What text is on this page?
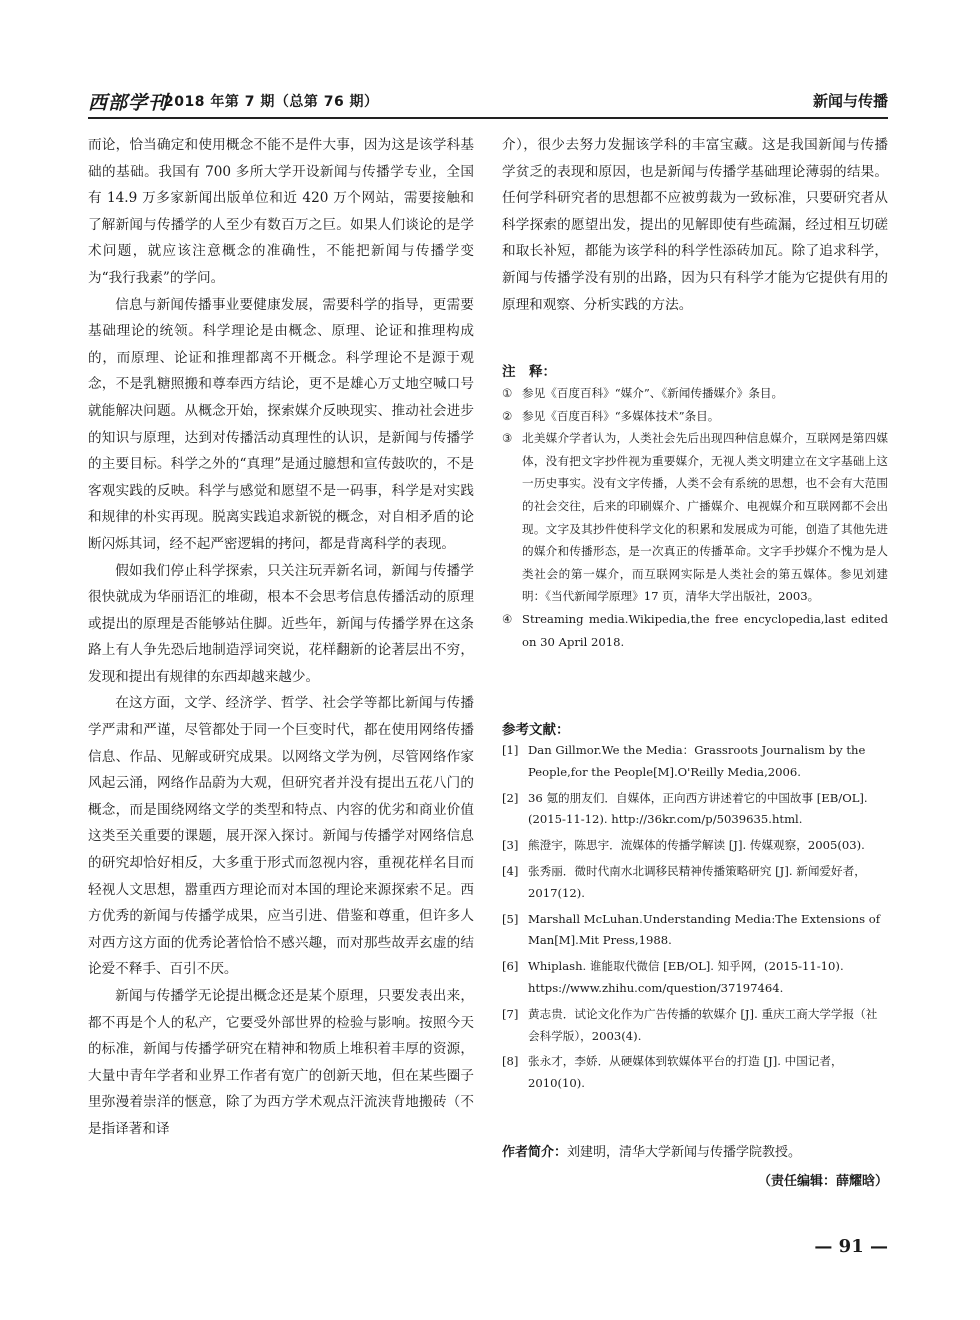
西部学刊
2018 年第 7 期（总第 76 期）	新闻与传播

而论，恰当确定和使用概念不能不是件大事，因为这是该学科基础的基础。我国有 700 多所大学开设新闻与传播学专业，全国有 14.9 万多家新闻出版单位和近 420 万个网站，需要接触和了解新闻与传播学的人至少有数百万之巨。如果人们谈论的是学术问题，就应该注意概念的准确性，不能把新闻与传播学变为“我行我素”的学问。

信息与新闻传播事业要健康发展，需要科学的指导，更需要基础理论的统领。科学理论是由概念、原理、论证和推理构成的，而原理、论证和推理都离不开概念。科学理论不是源于观念，不是乳糖照搬和尊奉西方结论，更不是雄心万丈地空喊口号就能解决问题。从概念开始，探索媒介反映现实、推动社会进步的知识与原理，达到对传播活动真理性的认识，是新闻与传播学的主要目标。科学之外的“真理”是通过臆想和宣传鼓吹的，不是客观实践的反映。科学与感觉和愿望不是一码事，科学是对实践和规律的朴实再现。脱离实践追求新锐的概念，对自相矛盾的论断闪烁其词，经不起严密逻辑的拷问，都是背离科学的表现。

假如我们停止科学探索，只关注玩弄新名词，新闻与传播学很快就成为华丽语汇的堆砌，根本不会思考信息传播活动的原理或提出的原理是否能够站住脚。近些年，新闻与传播学界在这条路上有人争先恐后地制造浮词突说，花样翻新的论著层出不穷，发现和提出有规律的东西却越来越少。

在这方面，文学、经济学、哲学、社会学等都比新闻与传播学严肃和严谨，尽管都处于同一个巨变时代，都在使用网络传播信息、作品、见解或研究成果。以网络文学为例，尽管网络作家风起云涌，网络作品蔚为大观，但研究者并没有提出五花八门的概念，而是围绕网络文学的类型和特点、内容的优劣和商业价值这类至关重要的课题，展开深入探讨。新闻与传播学对网络信息的研究却恰好相反，大多重于形式而忽视内容，重视花样名目而轻视人文思想，嚣重西方理论而对本国的理论来源探索不足。西方优秀的新闻与传播学成果，应当引进、借鉴和尊重，但许多人对西方这方面的优秀论著恰恰不感兴趣，而对那些故弄玄虚的结论爱不释手、百引不厌。

新闻与传播学无论提出概念还是某个原理，只要发表出来，都不再是个人的私产，它要受外部世界的检验与影响。按照今天的标准，新闻与传播学研究在精神和物质上堆积着丰厚的资源，大量中青年学者和业界工作者有宽广的创新天地，但在某些圈子里弥漫着崇洋的惬意，除了为西方学术观点汗流浃背地搬砖（不是指译著和译

介），很少去努力发掘该学科的丰富宝藏。这是我国新闻与传播学贫乏的表现和原因，也是新闻与传播学基础理论薄弱的结果。任何学科研究者的思想都不应被剪裁为一致标准，只要研究者从科学探索的愿望出发，提出的见解即使有些疏漏，经过相互切磋和取长补短，都能为该学科的科学性添砖加瓦。除了追求科学，新闻与传播学没有别的出路，因为只有科学才能为它提供有用的原理和观察、分析实践的方法。

注　释：
① 参见《百度百科》“媒介”、《新闻传播媒介》条目。
② 参见《百度百科》“多媒体技术”条目。
③ 北美媒介学者认为，人类社会先后出现四种信息媒介，互联网是第四媒体，没有把文字抄件视为重要媒介，无视人类文明建立在文字基础上这一历史事实。没有文字传播，人类不会有系统的思想，也不会有大范围的社会交往，后来的印刷媒介、广播媒介、电视媒介和互联网都不会出现。文字及其抄件使科学文化的积累和发展成为可能，创造了其他先进的媒介和传播形态，是一次真正的传播革命。文字手抄媒介不愧为是人类社会的第一媒介，而互联网实际是人类社会的第五媒体。参见刘建明：《当代新闻学原理》17 页，清华大学出版社，2003。
④ Streaming media.Wikipedia,the free encyclopedia,last edited on 30 April 2018.
参考文献：
[1] Dan Gillmor.We the Media：Grassroots Journalism by the People,for the People[M].O'Reilly Media,2006.
[2] 36 氪的朋友们．自媒体，正向西方讲述着它的中国故事 [EB/OL].(2015-11-12). http://36kr.com/p/5039635.html.
[3] 熊澄宇，陈思宇．流媒体的传播学解读 [J]. 传媒观察，2005(03).
[4] 张秀丽．微时代南水北调移民精神传播策略研究 [J]. 新闻爱好者，2017(12).
[5] Marshall McLuhan.Understanding Media:The Extensions of Man[M].Mit Press,1988.
[6] Whiplash. 谁能取代微信 [EB/OL]. 知乎网，(2015-11-10). https://www.zhihu.com/question/37197464.
[7] 黄志贵．试论文化作为广告传播的软媒介 [J]. 重庆工商大学学报（社会科学版），2003(4).
[8] 张永才，李娇．从硬媒体到软媒体平台的打造 [J]. 中国记者，2010(10).
作者简介：刘建明，清华大学新闻与传播学院教授。
（责任编辑：薛耀晗）
— 91 —
